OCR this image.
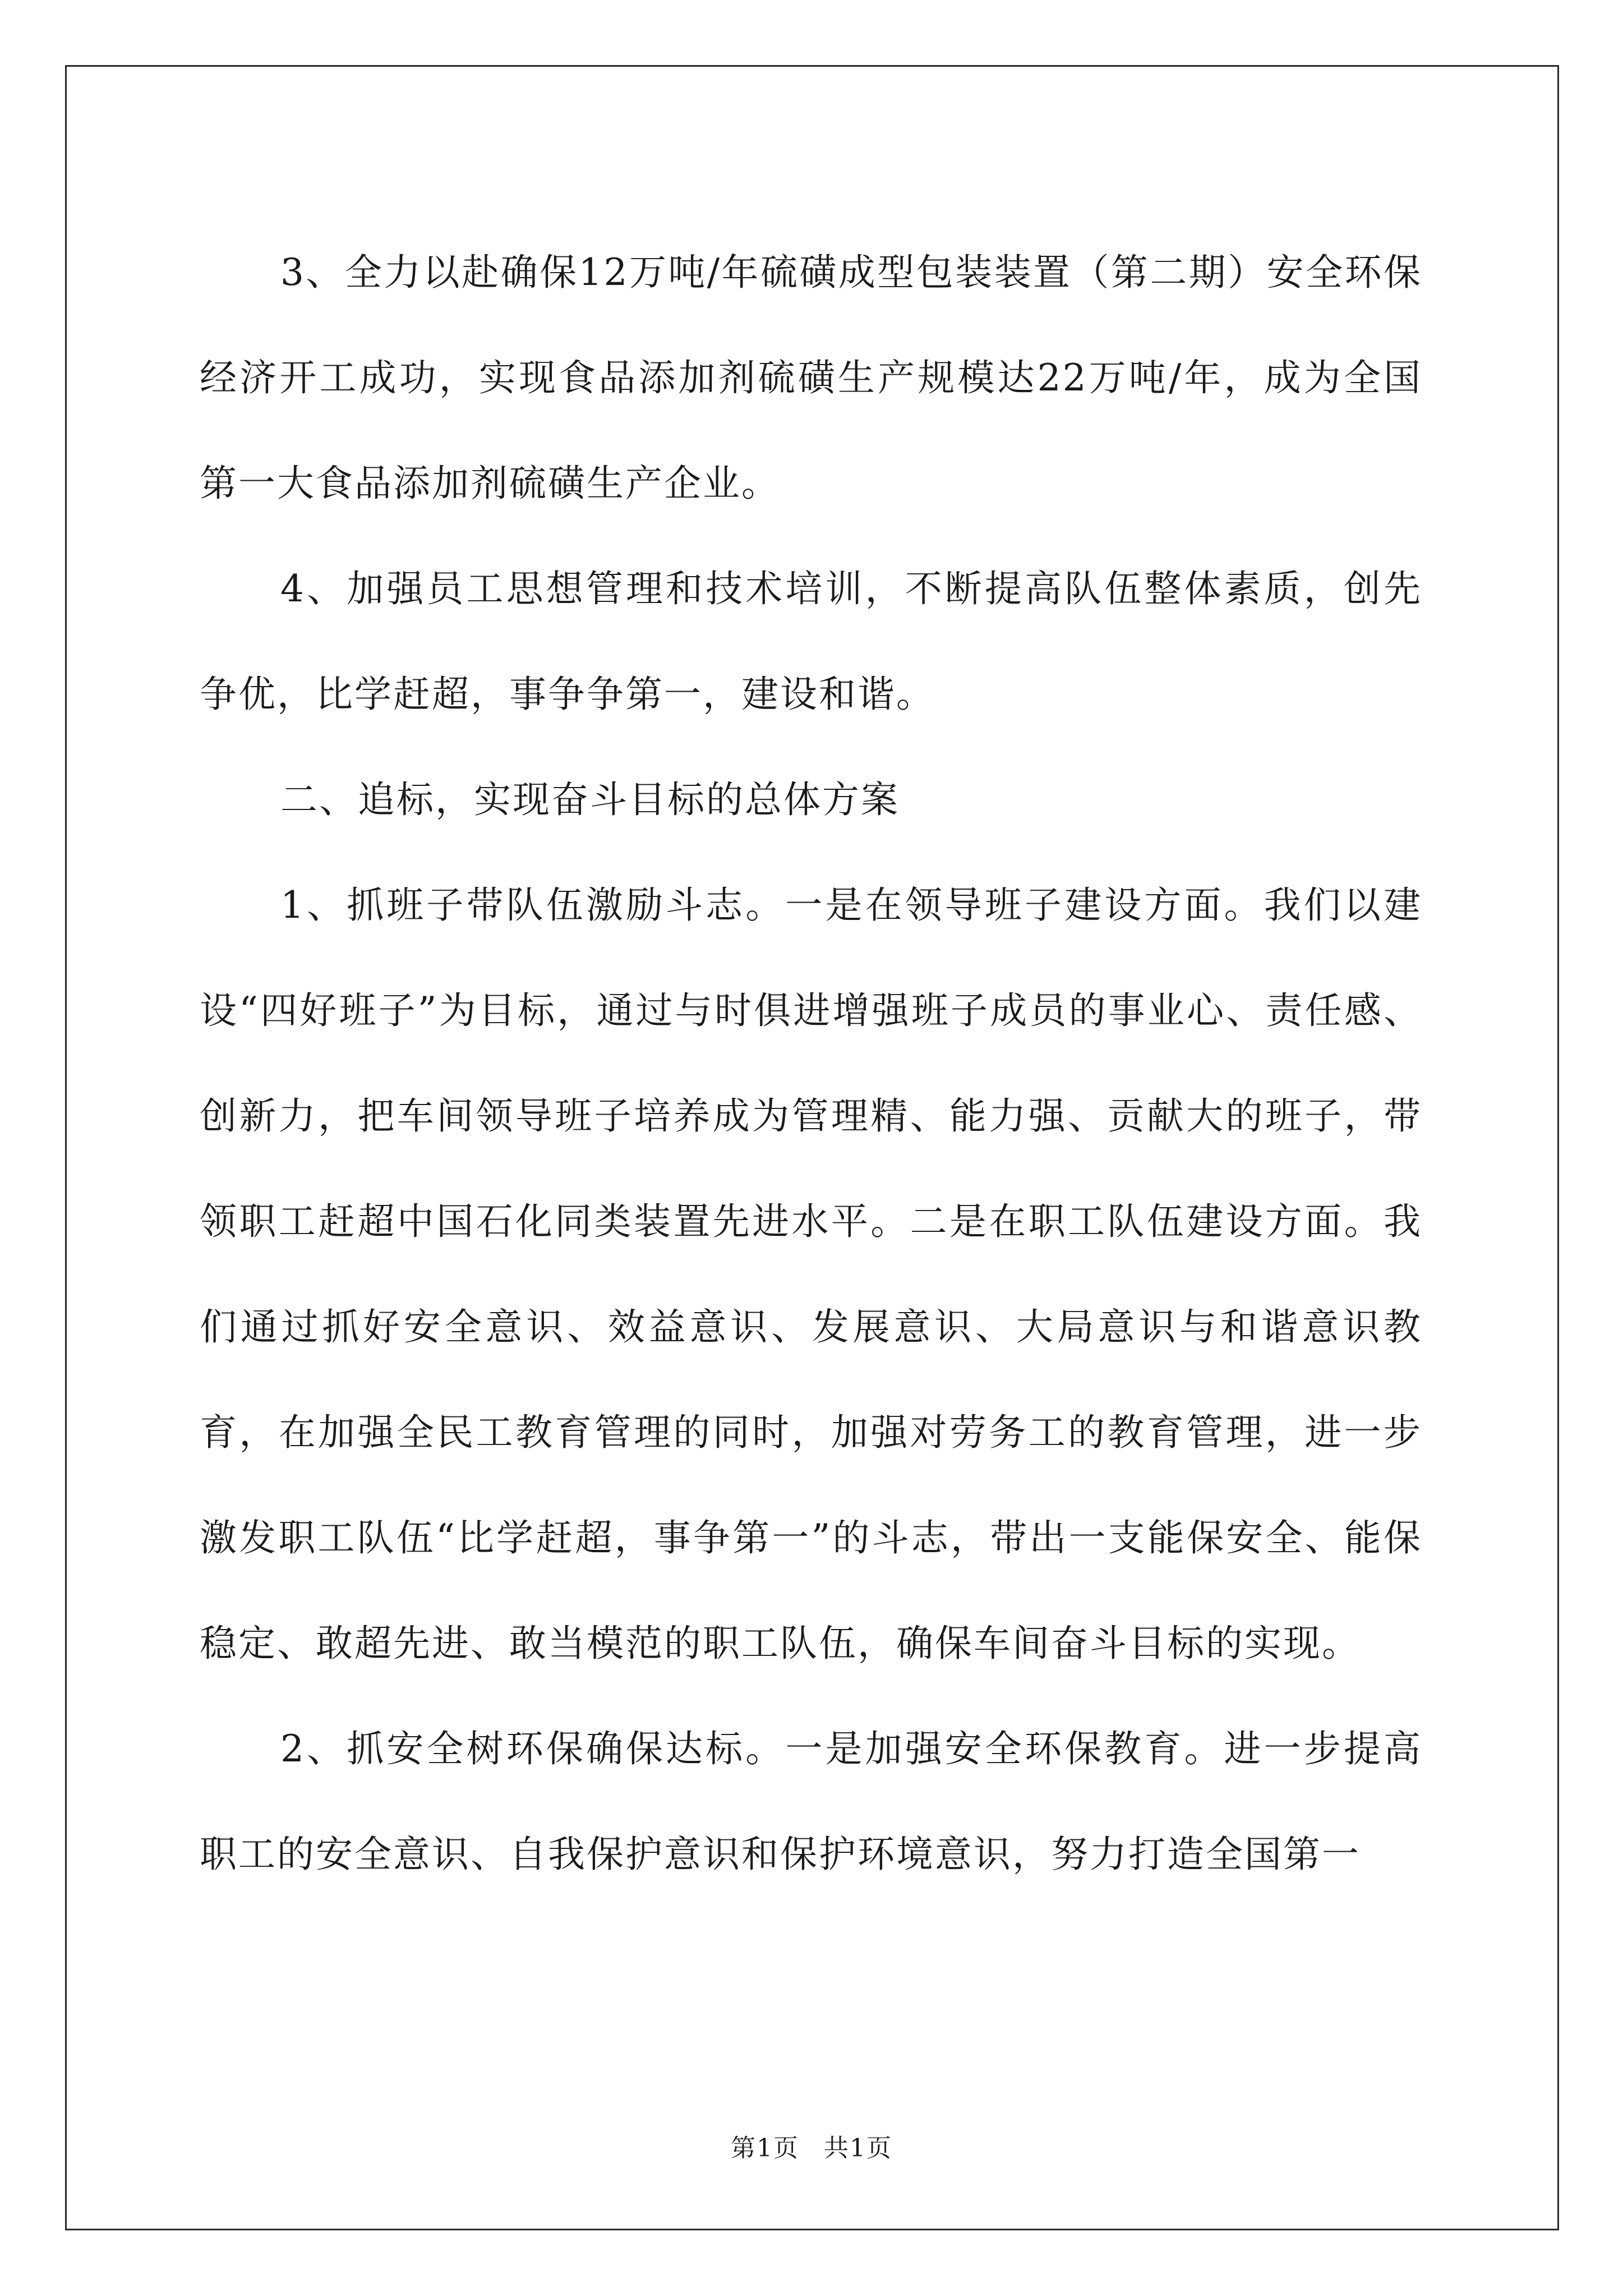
3、全力以赴确保12万吨/年硫磺成型包装装置（第二期）安全环保经济开工成功，实现食品添加剂硫磺生产规模达22万吨/年，成为全国第一大食品添加剂硫磺生产企业。

4、加强员工思想管理和技术培训，不断提高队伍整体素质，创先争优，比学赶超，事争争第一，建设和谐。

二、追标，实现奋斗目标的总体方案

1、抓班子带队伍激励斗志。一是在领导班子建设方面。我们以建设“四好班子”为目标，通过与时俱进增强班子成员的事业心、责任感、创新力，把车间领导班子培养成为管理精、能力强、贡献大的班子，带领职工赶超中国石化同类装置先进水平。二是在职工队伍建设方面。我们通过抓好安全意识、效益意识、发展意识、大局意识与和谐意识教育，在加强全民工教育管理的同时，加强对劳务工的教育管理，进一步激发职工队伍“比学赶超，事争第一”的斗志，带出一支能保安全、能保稳定、敢超先进、敢当模范的职工队伍，确保车间奋斗目标的实现。

2、抓安全树环保确保达标。一是加强安全环保教育。进一步提高职工的安全意识、自我保护意识和保护环境意识，努力打造全国第一

第1页 共1页
